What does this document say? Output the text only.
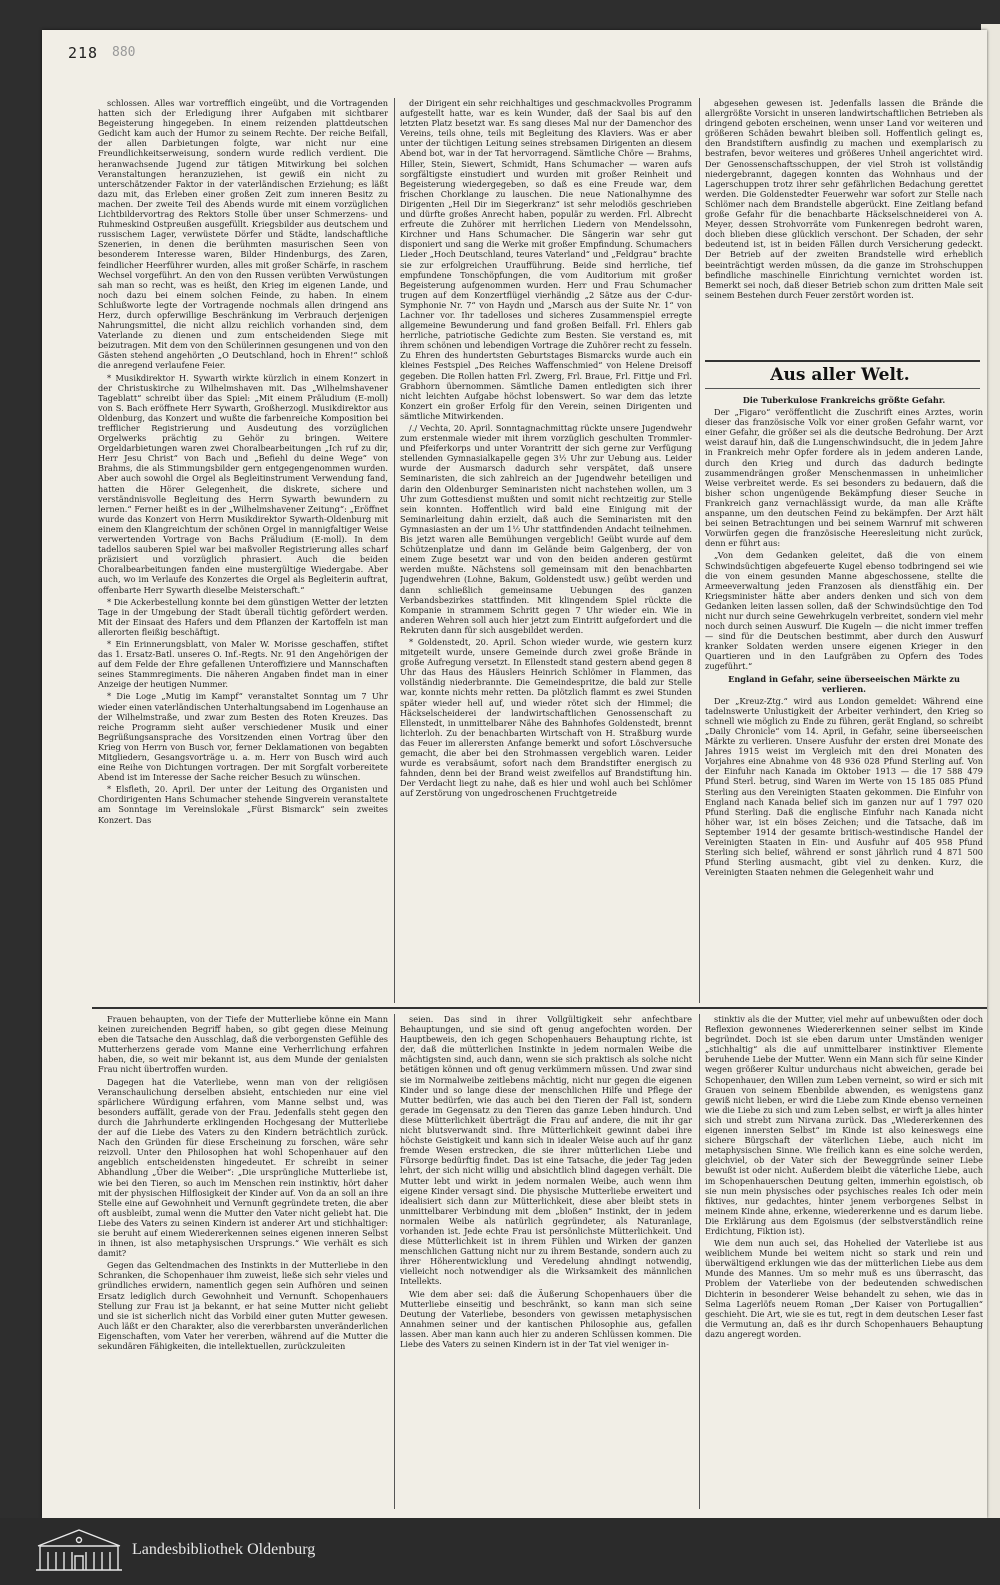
218 880

schlossen. Alles war vortrefflich eingeübt, und die Vortragenden hatten sich der Erledigung ihrer Aufgaben mit sichtbarer Begeisterung hingegeben. In einem reizenden plattdeutschen Gedicht kam auch der Humor zu seinem Rechte. Der reiche Beifall, der allen Darbietungen folgte, war nicht nur eine Freundlichkeitserweisung, sondern wurde redlich verdient. Die heranwachsende Jugend zur tätigen Mitwirkung bei solchen Veranstaltungen heranzuziehen, ist gewiß ein nicht zu unterschätzender Faktor in der vaterländischen Erziehung; es läßt dazu mit, das Erleben einer großen Zeit zum inneren Besitz zu machen. Der zweite Teil des Abends wurde mit einem vorzüglichen Lichtbildervortrag des Rektors Stolle über unser Schmerzens- und Ruhmeskind Ostpreußen ausgefüllt. Kriegsbilder aus deutschem und russischem Lager, verwüstete Dörfer und Städte, landschaftliche Szenerien, in denen die berühmten masurischen Seen von besonderem Interesse waren, Bilder Hindenburgs, des Zaren, feindlicher Heerführer wurden, alles mit großer Schärfe, in raschem Wechsel vorgeführt. An den von den Russen verübten Verwüstungen sah man so recht, was es heißt, den Krieg im eigenen Lande, und noch dazu bei einem solchen Feinde, zu haben. In einem Schlußworte legte der Vortragende nochmals allen dringend ans Herz, durch opferwillige Beschränkung im Verbrauch derjenigen Nahrungsmittel, die nicht allzu reichlich vorhanden sind, dem Vaterlande zu dienen und zum entscheidenden Siege mit beizutragen. Mit dem von den Schülerinnen gesungenen und von den Gästen stehend angehörten „O Deutschland, hoch in Ehren!“ schloß die anregend verlaufene Feier.

* Musikdirektor H. Sywarth wirkte kürzlich in einem Konzert in der Christuskirche zu Wilhelmshaven mit. Das „Wilhelmshavener Tageblatt“ schreibt über das Spiel: „Mit einem Präludium (E-moll) von S. Bach eröffnete Herr Sywarth, Großherzogl. Musikdirektor aus Oldenburg, das Konzert und wußte die farbenreiche Komposition bei trefflicher Registrierung und Ausdeutung des vorzüglichen Orgelwerks prächtig zu Gehör zu bringen. Weitere Orgeldarbietungen waren zwei Choralbearbeitungen „Ich ruf zu dir, Herr Jesu Christ“ von Bach und „Befiehl du deine Wege“ von Brahms, die als Stimmungsbilder gern entgegengenommen wurden. Aber auch sowohl die Orgel als Begleitinstrument Verwendung fand, hatten die Hörer Gelegenheit, die diskrete, sichere und verständnisvolle Begleitung des Herrn Sywarth bewundern zu lernen.“ Ferner heißt es in der „Wilhelmshavener Zeitung“: „Eröffnet wurde das Konzert von Herrn Musikdirektor Sywarth-Oldenburg mit einem den Klangreichtum der schönen Orgel in mannigfaltiger Weise verwertenden Vortrage von Bachs Präludium (E-moll). In dem tadellos sauberen Spiel war bei maßvoller Registrierung alles scharf präzisiert und vorzüglich phrasiert. Auch die beiden Choralbearbeitungen fanden eine mustergültige Wiedergabe. Aber auch, wo im Verlaufe des Konzertes die Orgel als Begleiterin auftrat, offenbarte Herr Sywarth dieselbe Meisterschaft.“

* Die Ackerbestellung konnte bei dem günstigen Wetter der letzten Tage in der Umgebung der Stadt überall tüchtig gefördert werden. Mit der Einsaat des Hafers und dem Pflanzen der Kartoffeln ist man allerorten fleißig beschäftigt.

* Ein Erinnerungsblatt, von Maler W. Morisse geschaffen, stiftet das 1. Ersatz-Batl. unseres O. Inf.-Regts. Nr. 91 den Angehörigen der auf dem Felde der Ehre gefallenen Unteroffiziere und Mannschaften seines Stammregiments. Die näheren Angaben findet man in einer Anzeige der heutigen Nummer.

* Die Loge „Mutig im Kampf“ veranstaltet Sonntag um 7 Uhr wieder einen vaterländischen Unterhaltungsabend im Logenhause an der Wilhelmstraße, und zwar zum Besten des Roten Kreuzes. Das reiche Programm sieht außer verschiedener Musik und einer Begrüßungsansprache des Vorsitzenden einen Vortrag über den Krieg von Herrn von Busch vor, ferner Deklamationen von begabten Mitgliedern, Gesangsvorträge u. a. m. Herr von Busch wird auch eine Reihe von Dichtungen vortragen. Der mit Sorgfalt vorbereitete Abend ist im Interesse der Sache reicher Besuch zu wünschen.

* Elsfleth, 20. April. Der unter der Leitung des Organisten und Chordirigenten Hans Schumacher stehende Singverein veranstaltete am Sonntage im Vereinslokale „Fürst Bismarck“ sein zweites Konzert. Das

der Dirigent ein sehr reichhaltiges und geschmackvolles Programm aufgestellt hatte, war es kein Wunder, daß der Saal bis auf den letzten Platz besetzt war. Es sang dieses Mal nur der Damenchor des Vereins, teils ohne, teils mit Begleitung des Klaviers. Was er aber unter der tüchtigen Leitung seines strebsamen Dirigenten an diesem Abend bot, war in der Tat hervorragend. Sämtliche Chöre — Brahms, Hiller, Stein, Siewert, Schmidt, Hans Schumacher — waren aufs sorgfältigste einstudiert und wurden mit großer Reinheit und Begeisterung wiedergegeben, so daß es eine Freude war, dem frischen Chorklange zu lauschen. Die neue Nationalhymne des Dirigenten „Heil Dir im Siegerkranz“ ist sehr melodiös geschrieben und dürfte großes Anrecht haben, populär zu werden. Frl. Albrecht erfreute die Zuhörer mit herrlichen Liedern von Mendelssohn, Kirchner und Hans Schumacher. Die Sängerin war sehr gut disponiert und sang die Werke mit großer Empfindung. Schumachers Lieder „Hoch Deutschland, teures Vaterland“ und „Feldgrau“ brachte sie zur erfolgreichen Uraufführung. Beide sind herrliche, tief empfundene Tonschöpfungen, die vom Auditorium mit großer Begeisterung aufgenommen wurden. Herr und Frau Schumacher trugen auf dem Konzertflügel vierhändig „2 Sätze aus der C-dur-Symphonie Nr. 7“ von Haydn und „Marsch aus der Suite Nr. 1“ von Lachner vor. Ihr tadelloses und sicheres Zusammenspiel erregte allgemeine Bewunderung und fand großen Beifall. Frl. Ehlers gab herrliche, patriotische Gedichte zum Besten. Sie verstand es, mit ihrem schönen und lebendigen Vortrage die Zuhörer recht zu fesseln. Zu Ehren des hundertsten Geburtstages Bismarcks wurde auch ein kleines Festspiel „Des Reiches Waffenschmied“ von Helene Dreisoff gegeben. Die Rollen hatten Frl. Zwerg, Frl. Braue, Frl. Fittje und Frl. Grabhorn übernommen. Sämtliche Damen entledigten sich ihrer nicht leichten Aufgabe höchst lobenswert. So war dem das letzte Konzert ein großer Erfolg für den Verein, seinen Dirigenten und sämtliche Mitwirkenden.

/./ Vechta, 20. April. Sonntagnachmittag rückte unsere Jugendwehr zum erstenmale wieder mit ihrem vorzüglich geschulten Trommler- und Pfeiferkorps und unter Vorantritt der sich gerne zur Verfügung stellenden Gymnasialkapelle gegen 3½ Uhr zur Uebung aus. Leider wurde der Ausmarsch dadurch sehr verspätet, daß unsere Seminaristen, die sich zahlreich an der Jugendwehr beteiligen und darin den Oldenburger Seminaristen nicht nachstehen wollen, um 3 Uhr zum Gottesdienst mußten und somit nicht rechtzeitig zur Stelle sein konnten. Hoffentlich wird bald eine Einigung mit der Seminarleitung dahin erzielt, daß auch die Seminaristen mit den Gymnasiasten an der um 1½ Uhr stattfindenden Andacht teilnehmen. Bis jetzt waren alle Bemühungen vergeblich! Geübt wurde auf dem Schützenplatze und dann im Gelände beim Galgenberg, der von einem Zuge besetzt war und von den beiden anderen gestürmt werden mußte. Nächstens soll gemeinsam mit den benachbarten Jugendwehren (Lohne, Bakum, Goldenstedt usw.) geübt werden und dann schließlich gemeinsame Uebungen des ganzen Verbandsbezirkes stattfinden. Mit klingendem Spiel rückte die Kompanie in strammem Schritt gegen 7 Uhr wieder ein. Wie in anderen Wehren soll auch hier jetzt zum Eintritt aufgefordert und die Rekruten dann für sich ausgebildet werden.

* Goldenstedt, 20. April. Schon wieder wurde, wie gestern kurz mitgeteilt wurde, unsere Gemeinde durch zwei große Brände in große Aufregung versetzt. In Ellenstedt stand gestern abend gegen 8 Uhr das Haus des Häuslers Heinrich Schlömer in Flammen, das vollständig niederbrannte. Die Gemeindespritze, die bald zur Stelle war, konnte nichts mehr retten. Da plötzlich flammt es zwei Stunden später wieder hell auf, und wieder rötet sich der Himmel; die Häckselscheiderei der landwirtschaftlichen Genossenschaft zu Ellenstedt, in unmittelbarer Nähe des Bahnhofes Goldenstedt, brennt lichterloh. Zu der benachbarten Wirtschaft von H. Straßburg wurde das Feuer im allerersten Anfange bemerkt und sofort Löschversuche gemacht, die aber bei den Strohmassen vergeblich waren. Leider wurde es verabsäumt, sofort nach dem Brandstifter energisch zu fahnden, denn bei der Brand weist zweifellos auf Brandstiftung hin. Der Verdacht liegt zu nahe, daß es hier und wohl auch bei Schlömer auf Zerstörung von ungedroschenen Fruchtgetreide

abgesehen gewesen ist. Jedenfalls lassen die Brände die allergrößte Vorsicht in unseren landwirtschaftlichen Betrieben als dringend geboten erscheinen, wenn unser Land vor weiteren und größeren Schäden bewahrt bleiben soll. Hoffentlich gelingt es, den Brandstiftern ausfindig zu machen und exemplarisch zu bestrafen, bevor weiteres und größeres Unheil angerichtet wird. Der Genossenschaftsschuppen, der viel Stroh ist vollständig niedergebrannt, dagegen konnten das Wohnhaus und der Lagerschuppen trotz ihrer sehr gefährlichen Bedachung gerettet werden. Die Goldenstedter Feuerwehr war sofort zur Stelle nach Schlömer nach dem Brandstelle abgerückt. Eine Zeitlang befand große Gefahr für die benachbarte Häckselschneiderei von A. Meyer, dessen Strohvorräte vom Funkenregen bedroht waren, doch blieben diese glücklich verschont. Der Schaden, der sehr bedeutend ist, ist in beiden Fällen durch Versicherung gedeckt. Der Betrieb auf der zweiten Brandstelle wird erheblich beeinträchtigt werden müssen, da die ganze im Strohschuppen befindliche maschinelle Einrichtung vernichtet worden ist. Bemerkt sei noch, daß dieser Betrieb schon zum dritten Male seit seinem Bestehen durch Feuer zerstört worden ist.

Aus aller Welt.

Die Tuberkulose Frankreichs größte Gefahr.

Der „Figaro“ veröffentlicht die Zuschrift eines Arztes, worin dieser das französische Volk vor einer großen Gefahr warnt, vor einer Gefahr, die größer sei als die deutsche Bedrohung. Der Arzt weist darauf hin, daß die Lungenschwindsucht, die in jedem Jahre in Frankreich mehr Opfer fordere als in jedem anderen Lande, durch den Krieg und durch das dadurch bedingte zusammendrängen großer Menschenmassen in unheimlicher Weise verbreitet werde. Es sei besonders zu bedauern, daß die bisher schon ungenügende Bekämpfung dieser Seuche in Frankreich ganz vernachlässigt wurde, da man alle Kräfte anspanne, um den deutschen Feind zu bekämpfen. Der Arzt hält bei seinen Betrachtungen und bei seinem Warnruf mit schweren Vorwürfen gegen die französische Heeresleitung nicht zurück, denn er führt aus:

„Von dem Gedanken geleitet, daß die von einem Schwindsüchtigen abgefeuerte Kugel ebenso todbringend sei wie die von einem gesunden Manne abgeschossene, stellte die Armeeverwaltung jeden Franzosen als dienstfähig ein. Der Kriegsminister hätte aber anders denken und sich von dem Gedanken leiten lassen sollen, daß der Schwindsüchtige den Tod nicht nur durch seine Gewehrkugeln verbreitet, sondern viel mehr noch durch seinen Auswurf. Die Kugeln — die nicht immer treffen — sind für die Deutschen bestimmt, aber durch den Auswurf kranker Soldaten werden unsere eigenen Krieger in den Quartieren und in den Laufgräben zu Opfern des Todes zugeführt.“

England in Gefahr, seine überseeischen Märkte zu verlieren.

Der „Kreuz-Ztg.“ wird aus London gemeldet: Während eine tadelnswerte Unlustigkeit der Arbeiter verhindert, den Krieg so schnell wie möglich zu Ende zu führen, gerät England, so schreibt „Daily Chronicle“ vom 14. April, in Gefahr, seine überseeischen Märkte zu verlieren. Unsere Ausfuhr der ersten drei Monate des Jahres 1915 weist im Vergleich mit den drei Monaten des Vorjahres eine Abnahme von 48 936 028 Pfund Sterling auf. Von der Einfuhr nach Kanada im Oktober 1913 — die 17 588 479 Pfund Sterl. betrug, sind Waren im Werte von 15 185 085 Pfund Sterling aus den Vereinigten Staaten gekommen. Die Einfuhr von England nach Kanada belief sich im ganzen nur auf 1 797 020 Pfund Sterling. Daß die englische Einfuhr nach Kanada nicht höher war, ist ein böses Zeichen; und die Tatsache, daß im September 1914 der gesamte britisch-westindische Handel der Vereinigten Staaten in Ein- und Ausfuhr auf 405 958 Pfund Sterling sich belief, während er sonst jährlich rund 4 871 500 Pfund Sterling ausmacht, gibt viel zu denken. Kurz, die Vereinigten Staaten nehmen die Gelegenheit wahr und

Frauen behaupten, von der Tiefe der Mutterliebe könne ein Mann keinen zureichenden Begriff haben, so gibt gegen diese Meinung eben die Tatsache den Ausschlag, daß die verborgensten Gefühle des Mutterherzens gerade vom Manne eine Verherrlichung erfahren haben, die, so weit mir bekannt ist, aus dem Munde der genialsten Frau nicht übertroffen wurden.

Dagegen hat die Vaterliebe, wenn man von der religiösen Veranschaulichung derselben absieht, entschieden nur eine viel spärlichere Würdigung erfahren, vom Manne selbst und, was besonders auffällt, gerade von der Frau. Jedenfalls steht gegen den durch die Jahrhunderte erklingenden Hochgesang der Mutterliebe der auf die Liebe des Vaters zu den Kindern beträchtlich zurück. Nach den Gründen für diese Erscheinung zu forschen, wäre sehr reizvoll. Unter den Philosophen hat wohl Schopenhauer auf den angeblich entscheidensten hingedeutet. Er schreibt in seiner Abhandlung „Über die Weiber“: „Die ursprüngliche Mutterliebe ist, wie bei den Tieren, so auch im Menschen rein instinktiv, hört daher mit der physischen Hilflosigkeit der Kinder auf. Von da an soll an ihre Stelle eine auf Gewohnheit und Vernunft gegründete treten, die aber oft ausbleibt, zumal wenn die Mutter den Vater nicht geliebt hat. Die Liebe des Vaters zu seinen Kindern ist anderer Art und stichhaltiger: sie beruht auf einem Wiedererkennen seines eigenen inneren Selbst in ihnen, ist also metaphysischen Ursprungs.“ Wie verhält es sich damit?

Gegen das Geltendmachen des Instinkts in der Mutterliebe in den Schranken, die Schopenhauer ihm zuweist, ließe sich sehr vieles und gründliches erwidern, namentlich gegen sein Aufhören und seinen Ersatz lediglich durch Gewohnheit und Vernunft. Schopenhauers Stellung zur Frau ist ja bekannt, er hat seine Mutter nicht geliebt und sie ist sicherlich nicht das Vorbild einer guten Mutter gewesen. Auch läßt er den Charakter, also die vererbbarsten unveränderlichen Eigenschaften, vom Vater her vererben, während auf die Mutter die sekundären Fähigkeiten, die intellektuellen, zurückzuleiten

seien. Das sind in ihrer Vollgültigkeit sehr anfechtbare Behauptungen, und sie sind oft genug angefochten worden. Der Hauptbeweis, den ich gegen Schopenhauers Behauptung richte, ist der, daß die mütterlichen Instinkte in jedem normalen Weibe die mächtigsten sind, auch dann, wenn sie sich praktisch als solche nicht betätigen können und oft genug verkümmern müssen. Und zwar sind sie im Normalweibe zeitlebens mächtig, nicht nur gegen die eigenen Kinder und so lange diese der menschlichen Hilfe und Pflege der Mutter bedürfen, wie das auch bei den Tieren der Fall ist, sondern gerade im Gegensatz zu den Tieren das ganze Leben hindurch. Und diese Mütterlichkeit überträgt die Frau auf andere, die mit ihr gar nicht blutsverwandt sind. Ihre Mütterlichkeit gewinnt dabei ihre höchste Geistigkeit und kann sich in idealer Weise auch auf ihr ganz fremde Wesen erstrecken, die sie ihrer mütterlichen Liebe und Fürsorge bedürftig findet. Das ist eine Tatsache, die jeder Tag jeden lehrt, der sich nicht willig und absichtlich blind dagegen verhält. Die Mutter lebt und wirkt in jedem normalen Weibe, auch wenn ihm eigene Kinder versagt sind. Die physische Mutterliebe erweitert und idealisiert sich dann zur Mütterlichkeit, diese aber bleibt stets in unmittelbarer Verbindung mit dem „bloßen“ Instinkt, der in jedem normalen Weibe als natürlich gegründeter, als Naturanlage, vorhanden ist. Jede echte Frau ist persönlichste Mütterlichkeit. Und diese Mütterlichkeit ist in ihrem Fühlen und Wirken der ganzen menschlichen Gattung nicht nur zu ihrem Bestande, sondern auch zu ihrer Höherentwicklung und Veredelung ahndingt notwendig, vielleicht noch notwendiger als die Wirksamkeit des männlichen Intellekts.

Wie dem aber sei: daß die Äußerung Schopenhauers über die Mutterliebe einseitig und beschränkt, so kann man sich seine Deutung der Vaterliebe, besonders von gewissen metaphysischen Annahmen seiner und der kantischen Philosophie aus, gefallen lassen. Aber man kann auch hier zu anderen Schlüssen kommen. Die Liebe des Vaters zu seinen Kindern ist in der Tat viel weniger in-

stinktiv als die der Mutter, viel mehr auf unbewußten oder doch Reflexion gewonnenes Wiedererkennen seiner selbst im Kinde begründet. Doch ist sie eben darum unter Umständen weniger „stichhaltig“ als die auf unmittelbarer instinktiver Elemente beruhende Liebe der Mutter. Wenn ein Mann sich für seine Kinder wegen größerer Kultur undurchaus nicht abweichen, gerade bei Schopenhauer, den Willen zum Leben verneint, so wird er sich mit Grauen von seinem Ebenbilde abwenden, es wenigstens ganz gewiß nicht lieben, er wird die Liebe zum Kinde ebenso verneinen wie die Liebe zu sich und zum Leben selbst, er wirft ja alles hinter sich und strebt zum Nirvana zurück. Das „Wiedererkennen des eigenen innersten Selbst“ im Kinde ist also keineswegs eine sichere Bürgschaft der väterlichen Liebe, auch nicht im metaphysischen Sinne. Wie freilich kann es eine solche werden, gleichviel, ob der Vater sich der Beweggründe seiner Liebe bewußt ist oder nicht. Außerdem bleibt die väterliche Liebe, auch im Schopenhauerschen Deutung gelten, immerhin egoistisch, ob sie nun mein physisches oder psychisches reales Ich oder mein fiktives, nur gedachtes, hinter jenem verborgenes Selbst in meinem Kinde ahne, erkenne, wiedererkenne und es darum liebe. Die Erklärung aus dem Egoismus (der selbstverständlich reine Erdichtung, Fiktion ist).

Wie dem nun auch sei, das Hohelied der Vaterliebe ist aus weiblichem Munde bei weitem nicht so stark und rein und überwältigend erklungen wie das der mütterlichen Liebe aus dem Munde des Mannes. Um so mehr muß es uns überrascht, das Problem der Vaterliebe von der bedeutenden schwedischen Dichterin in besonderer Weise behandelt zu sehen, wie das in Selma Lagerlöfs neuem Roman „Der Kaiser von Portugallien“ geschieht. Die Art, wie sie es tut, regt in dem deutschen Leser fast die Vermutung an, daß es ihr durch Schopenhauers Behauptung dazu angeregt worden.

Landesbibliothek Oldenburg
